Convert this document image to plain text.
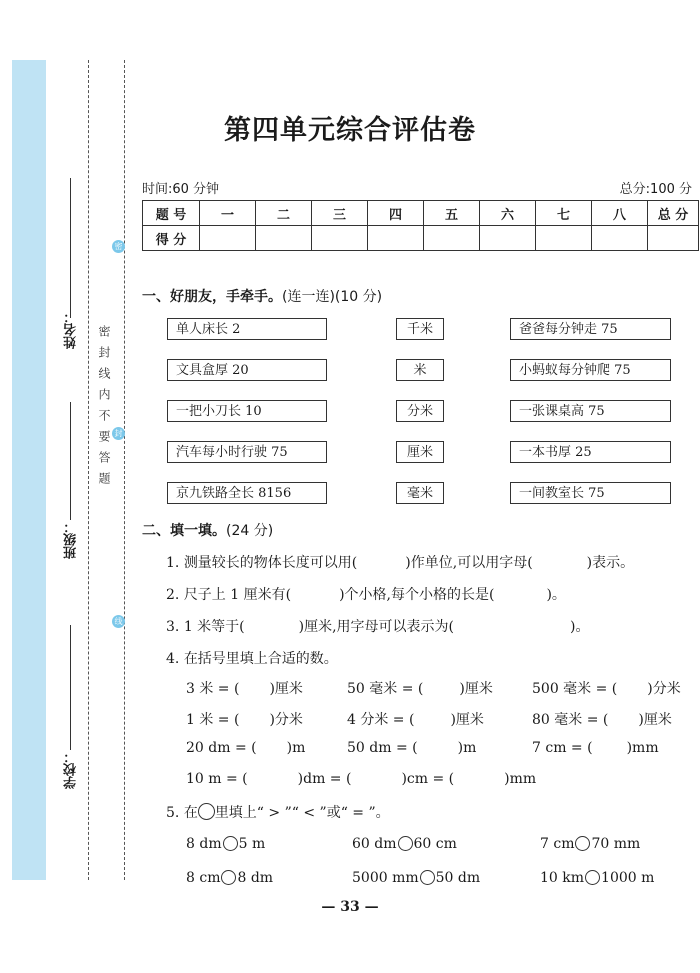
密
封
线
密封线内不要答题
姓名：
班级：
学校：
第四单元综合评估卷
时间:60 分钟	总分:100 分
题 号	一	二	三	四	五	六	七	八	总 分
得 分									
一、好朋友，手牵手。(连一连)(10 分)
单人床长 2
文具盒厚 20
一把小刀长 10
汽车每小时行驶 75
京九铁路全长 8156
千米
米
分米
厘米
毫米
爸爸每分钟走 75
小蚂蚁每分钟爬 75
一张课桌高 75
一本书厚 25
一间教室长 75
二、填一填。(24 分)
1. 测量较长的物体长度可以用(	)作单位,可以用字母(	)表示。
2. 尺子上 1 厘米有(	)个小格,每个小格的长是(	)。
3. 1 米等于(	)厘米,用字母可以表示为(	)。
4. 在括号里填上合适的数。
3 米 = ( )厘米	50 毫米 = (	)厘米	500 毫米 = ( )分米
1 米 = ( )分米	4 分米 = (	)厘米	80 毫米 = ( )厘米
20 dm = ( )m	50 dm = (	)m	7 cm = ( )mm
10 m = (	)dm = (	)cm = (	)mm
5. 在 里填上“ > ”“ < ”或“ = ”。
8 dm 5 m	60 dm 60 cm	7 cm 70 mm
8 cm 8 dm	5000 mm 50 dm	10 km 1000 m
— 33 —
